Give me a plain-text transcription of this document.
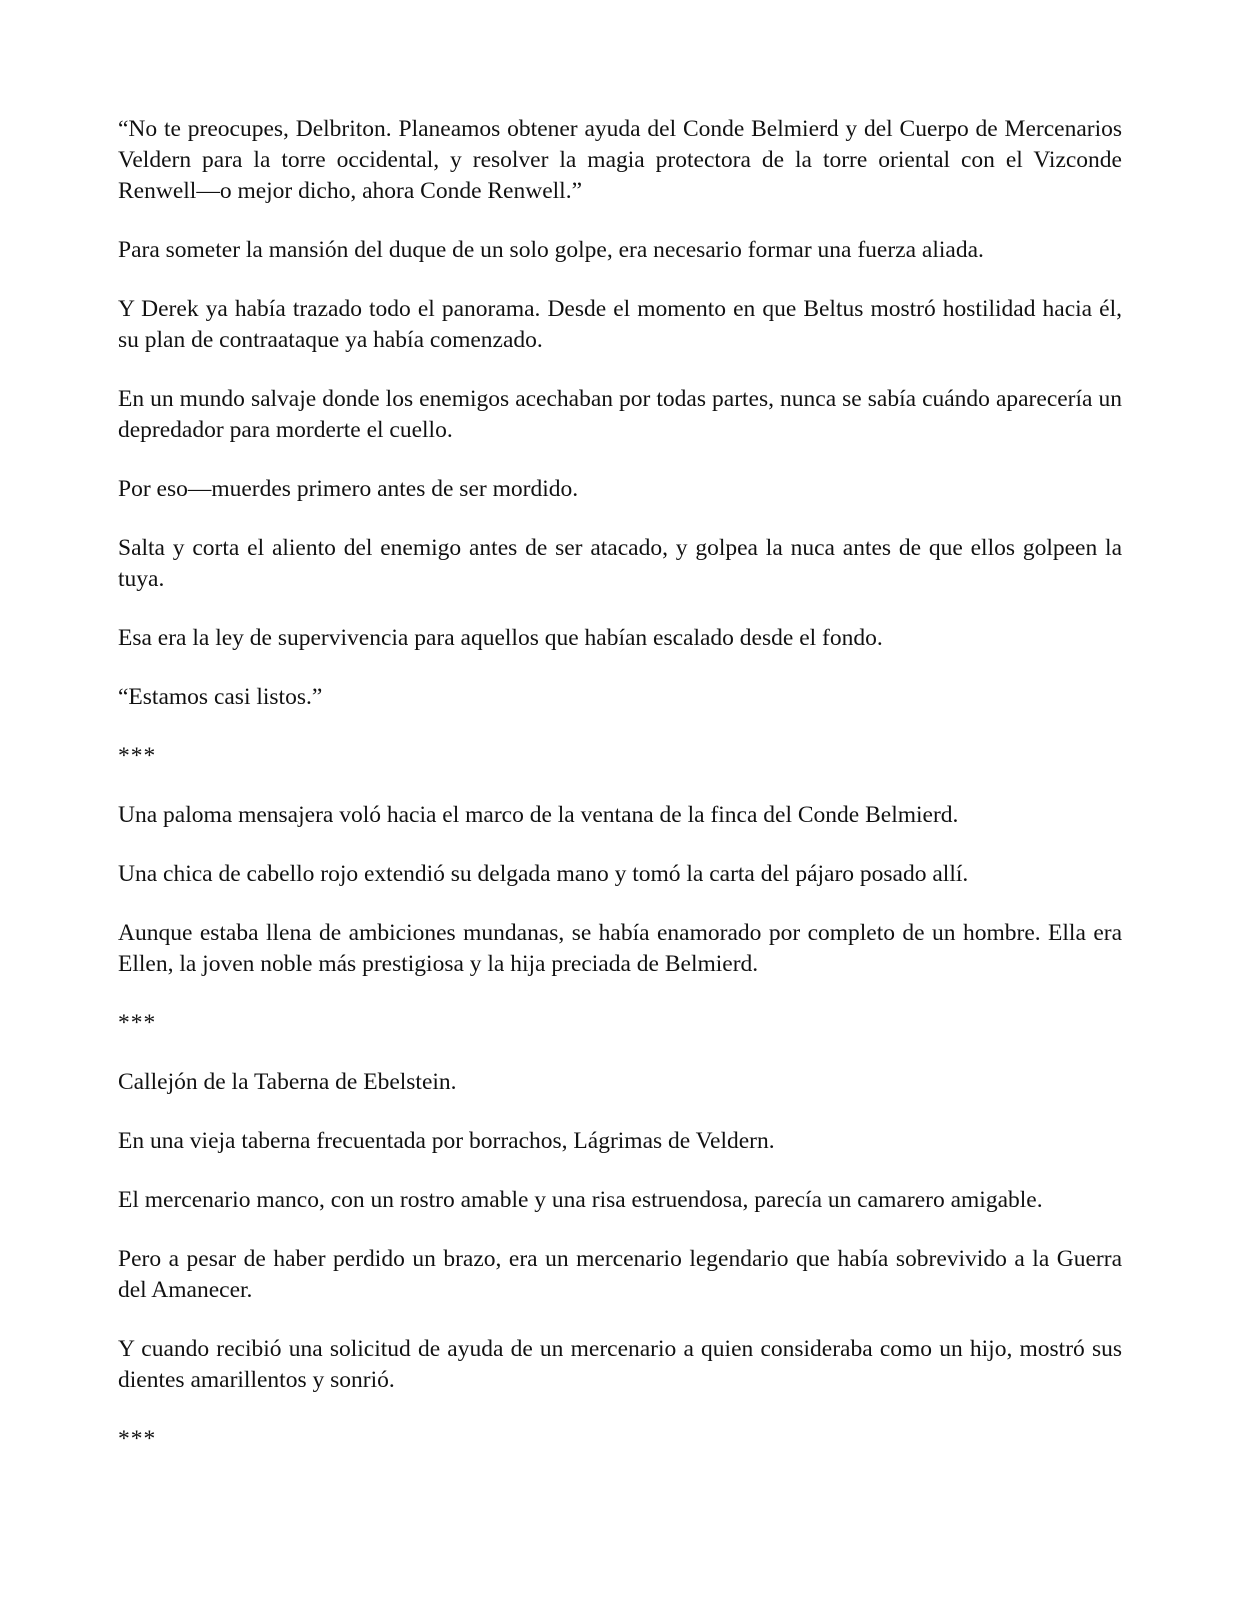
“No te preocupes, Delbriton. Planeamos obtener ayuda del Conde Belmierd y del Cuerpo de Mercenarios Veldern para la torre occidental, y resolver la magia protectora de la torre oriental con el Vizconde Renwell—o mejor dicho, ahora Conde Renwell.”

Para someter la mansión del duque de un solo golpe, era necesario formar una fuerza aliada.

Y Derek ya había trazado todo el panorama. Desde el momento en que Beltus mostró hostilidad hacia él, su plan de contraataque ya había comenzado.

En un mundo salvaje donde los enemigos acechaban por todas partes, nunca se sabía cuándo aparecería un depredador para morderte el cuello.

Por eso—muerdes primero antes de ser mordido.

Salta y corta el aliento del enemigo antes de ser atacado, y golpea la nuca antes de que ellos golpeen la tuya.

Esa era la ley de supervivencia para aquellos que habían escalado desde el fondo.

“Estamos casi listos.”

***

Una paloma mensajera voló hacia el marco de la ventana de la finca del Conde Belmierd.

Una chica de cabello rojo extendió su delgada mano y tomó la carta del pájaro posado allí.

Aunque estaba llena de ambiciones mundanas, se había enamorado por completo de un hombre. Ella era Ellen, la joven noble más prestigiosa y la hija preciada de Belmierd.

***

Callejón de la Taberna de Ebelstein.

En una vieja taberna frecuentada por borrachos, Lágrimas de Veldern.

El mercenario manco, con un rostro amable y una risa estruendosa, parecía un camarero amigable.

Pero a pesar de haber perdido un brazo, era un mercenario legendario que había sobrevivido a la Guerra del Amanecer.

Y cuando recibió una solicitud de ayuda de un mercenario a quien consideraba como un hijo, mostró sus dientes amarillentos y sonrió.

***
